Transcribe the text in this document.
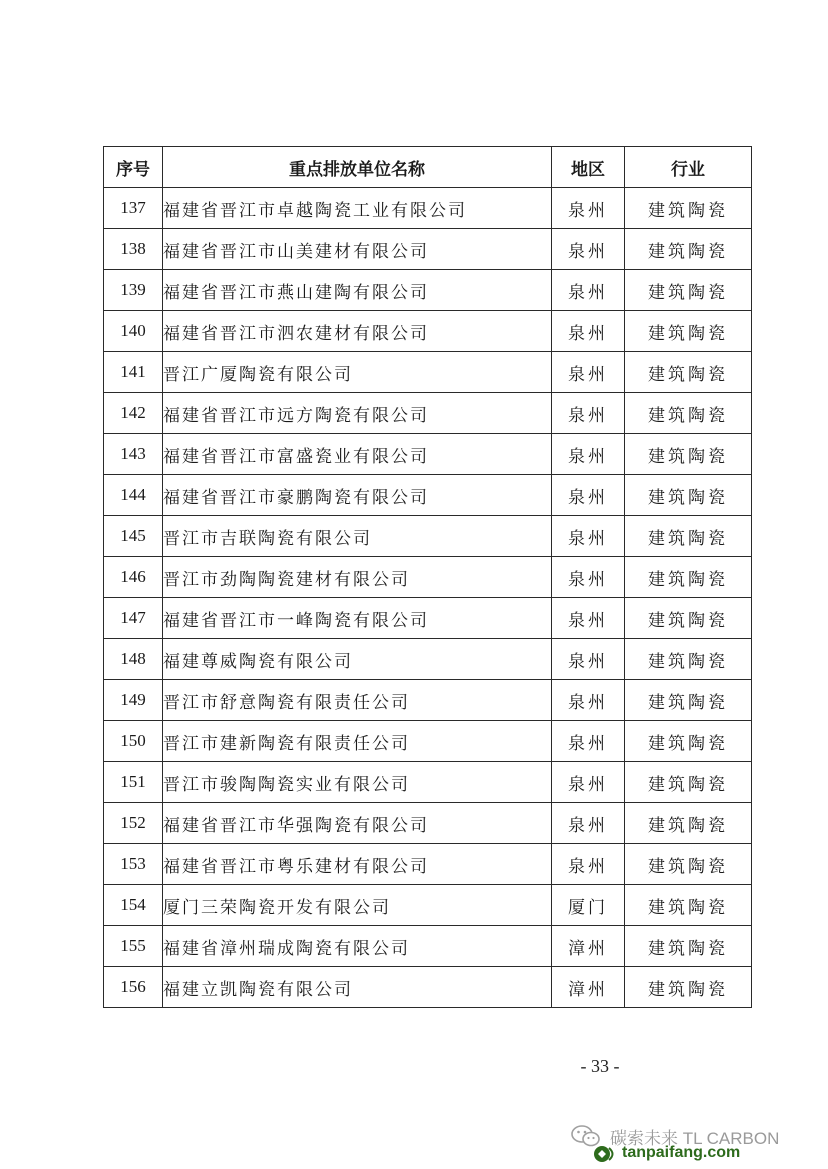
序号	重点排放单位名称	地区	行业
137	福建省晋江市卓越陶瓷工业有限公司	泉州	建筑陶瓷
138	福建省晋江市山美建材有限公司	泉州	建筑陶瓷
139	福建省晋江市燕山建陶有限公司	泉州	建筑陶瓷
140	福建省晋江市泗农建材有限公司	泉州	建筑陶瓷
141	晋江广厦陶瓷有限公司	泉州	建筑陶瓷
142	福建省晋江市远方陶瓷有限公司	泉州	建筑陶瓷
143	福建省晋江市富盛瓷业有限公司	泉州	建筑陶瓷
144	福建省晋江市豪鹏陶瓷有限公司	泉州	建筑陶瓷
145	晋江市吉联陶瓷有限公司	泉州	建筑陶瓷
146	晋江市劲陶陶瓷建材有限公司	泉州	建筑陶瓷
147	福建省晋江市一峰陶瓷有限公司	泉州	建筑陶瓷
148	福建尊威陶瓷有限公司	泉州	建筑陶瓷
149	晋江市舒意陶瓷有限责任公司	泉州	建筑陶瓷
150	晋江市建新陶瓷有限责任公司	泉州	建筑陶瓷
151	晋江市骏陶陶瓷实业有限公司	泉州	建筑陶瓷
152	福建省晋江市华强陶瓷有限公司	泉州	建筑陶瓷
153	福建省晋江市粤乐建材有限公司	泉州	建筑陶瓷
154	厦门三荣陶瓷开发有限公司	厦门	建筑陶瓷
155	福建省漳州瑞成陶瓷有限公司	漳州	建筑陶瓷
156	福建立凯陶瓷有限公司	漳州	建筑陶瓷
- 33 -
碳索未来 TL CARBON
tanpaifang.com
